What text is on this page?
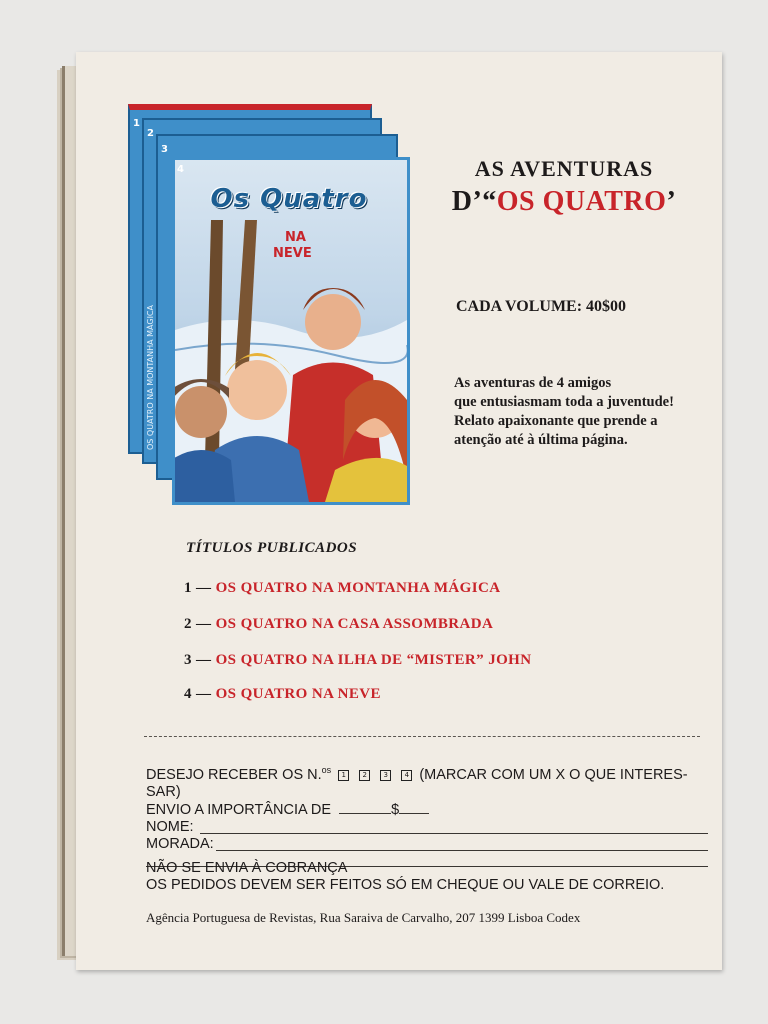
1
2
OS QUATRO NA MONTANHA MÁGICA
3
4
Os Quatro
NA
NEVE
AS AVENTURAS
D’“OS QUATRO’
CADA VOLUME: 40$00

As aventuras de 4 amigos

que entusiasmam toda a juventude!

Relato apaixonante que prende a

atenção até à última página.

TÍTULOS PUBLICADOS
1 — OS QUATRO NA MONTANHA MÁGICA
2 — OS QUATRO NA CASA ASSOMBRADA
3 — OS QUATRO NA ILHA DE “MISTER” JOHN
4 — OS QUATRO NA NEVE
DESEJO RECEBER OS N.$^{os}$ 1 2 3 4 (MARCAR COM UM X O QUE INTERES-
SAR)
ENVIO A IMPORTÂNCIA DE	$
NOME:
MORADA:
NÃO SE ENVIA À COBRANÇA
OS PEDIDOS DEVEM SER FEITOS SÓ EM CHEQUE OU VALE DE CORREIO.
Agência Portuguesa de Revistas, Rua Saraiva de Carvalho, 207 1399 Lisboa Codex
